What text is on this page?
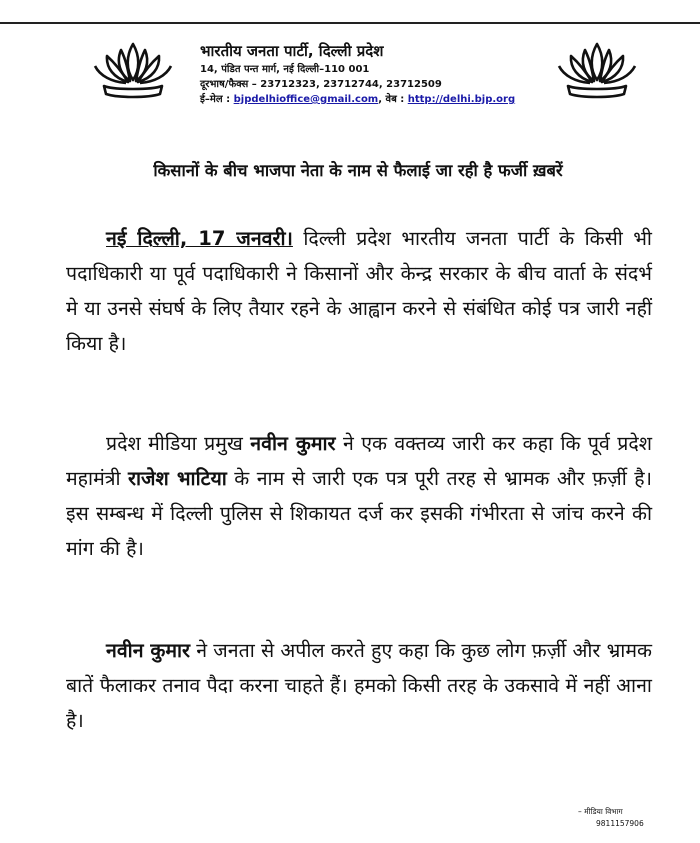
भारतीय जनता पार्टी, दिल्ली प्रदेश
14, पंडित पन्त मार्ग, नई दिल्ली–110 001
दूरभाष/फैक्स – 23712323, 23712744, 23712509
ई–मेल : bjpdelhioffice@gmail.com, वेब : http://delhi.bjp.org
किसानों के बीच भाजपा नेता के नाम से फैलाई जा रही है फर्जी ख़बरें
नई दिल्ली, 17 जनवरी। दिल्ली प्रदेश भारतीय जनता पार्टी के किसी भी पदाधिकारी या पूर्व पदाधिकारी ने किसानों और केन्द्र सरकार के बीच वार्ता के संदर्भ मे या उनसे संघर्ष के लिए तैयार रहने के आह्वान करने से संबंधित कोई पत्र जारी नहीं किया है।
प्रदेश मीडिया प्रमुख नवीन कुमार ने एक वक्तव्य जारी कर कहा कि पूर्व प्रदेश महामंत्री राजेश भाटिया के नाम से जारी एक पत्र पूरी तरह से भ्रामक और फ़र्ज़ी है। इस सम्बन्ध में दिल्ली पुलिस से शिकायत दर्ज कर इसकी गंभीरता से जांच करने की मांग की है।
नवीन कुमार ने जनता से अपील करते हुए कहा कि कुछ लोग फ़र्ज़ी और भ्रामक बातें फैलाकर तनाव पैदा करना चाहते हैं। हमको किसी तरह के उकसावे में नहीं आना है।
– मीडिया विभाग
9811157906
